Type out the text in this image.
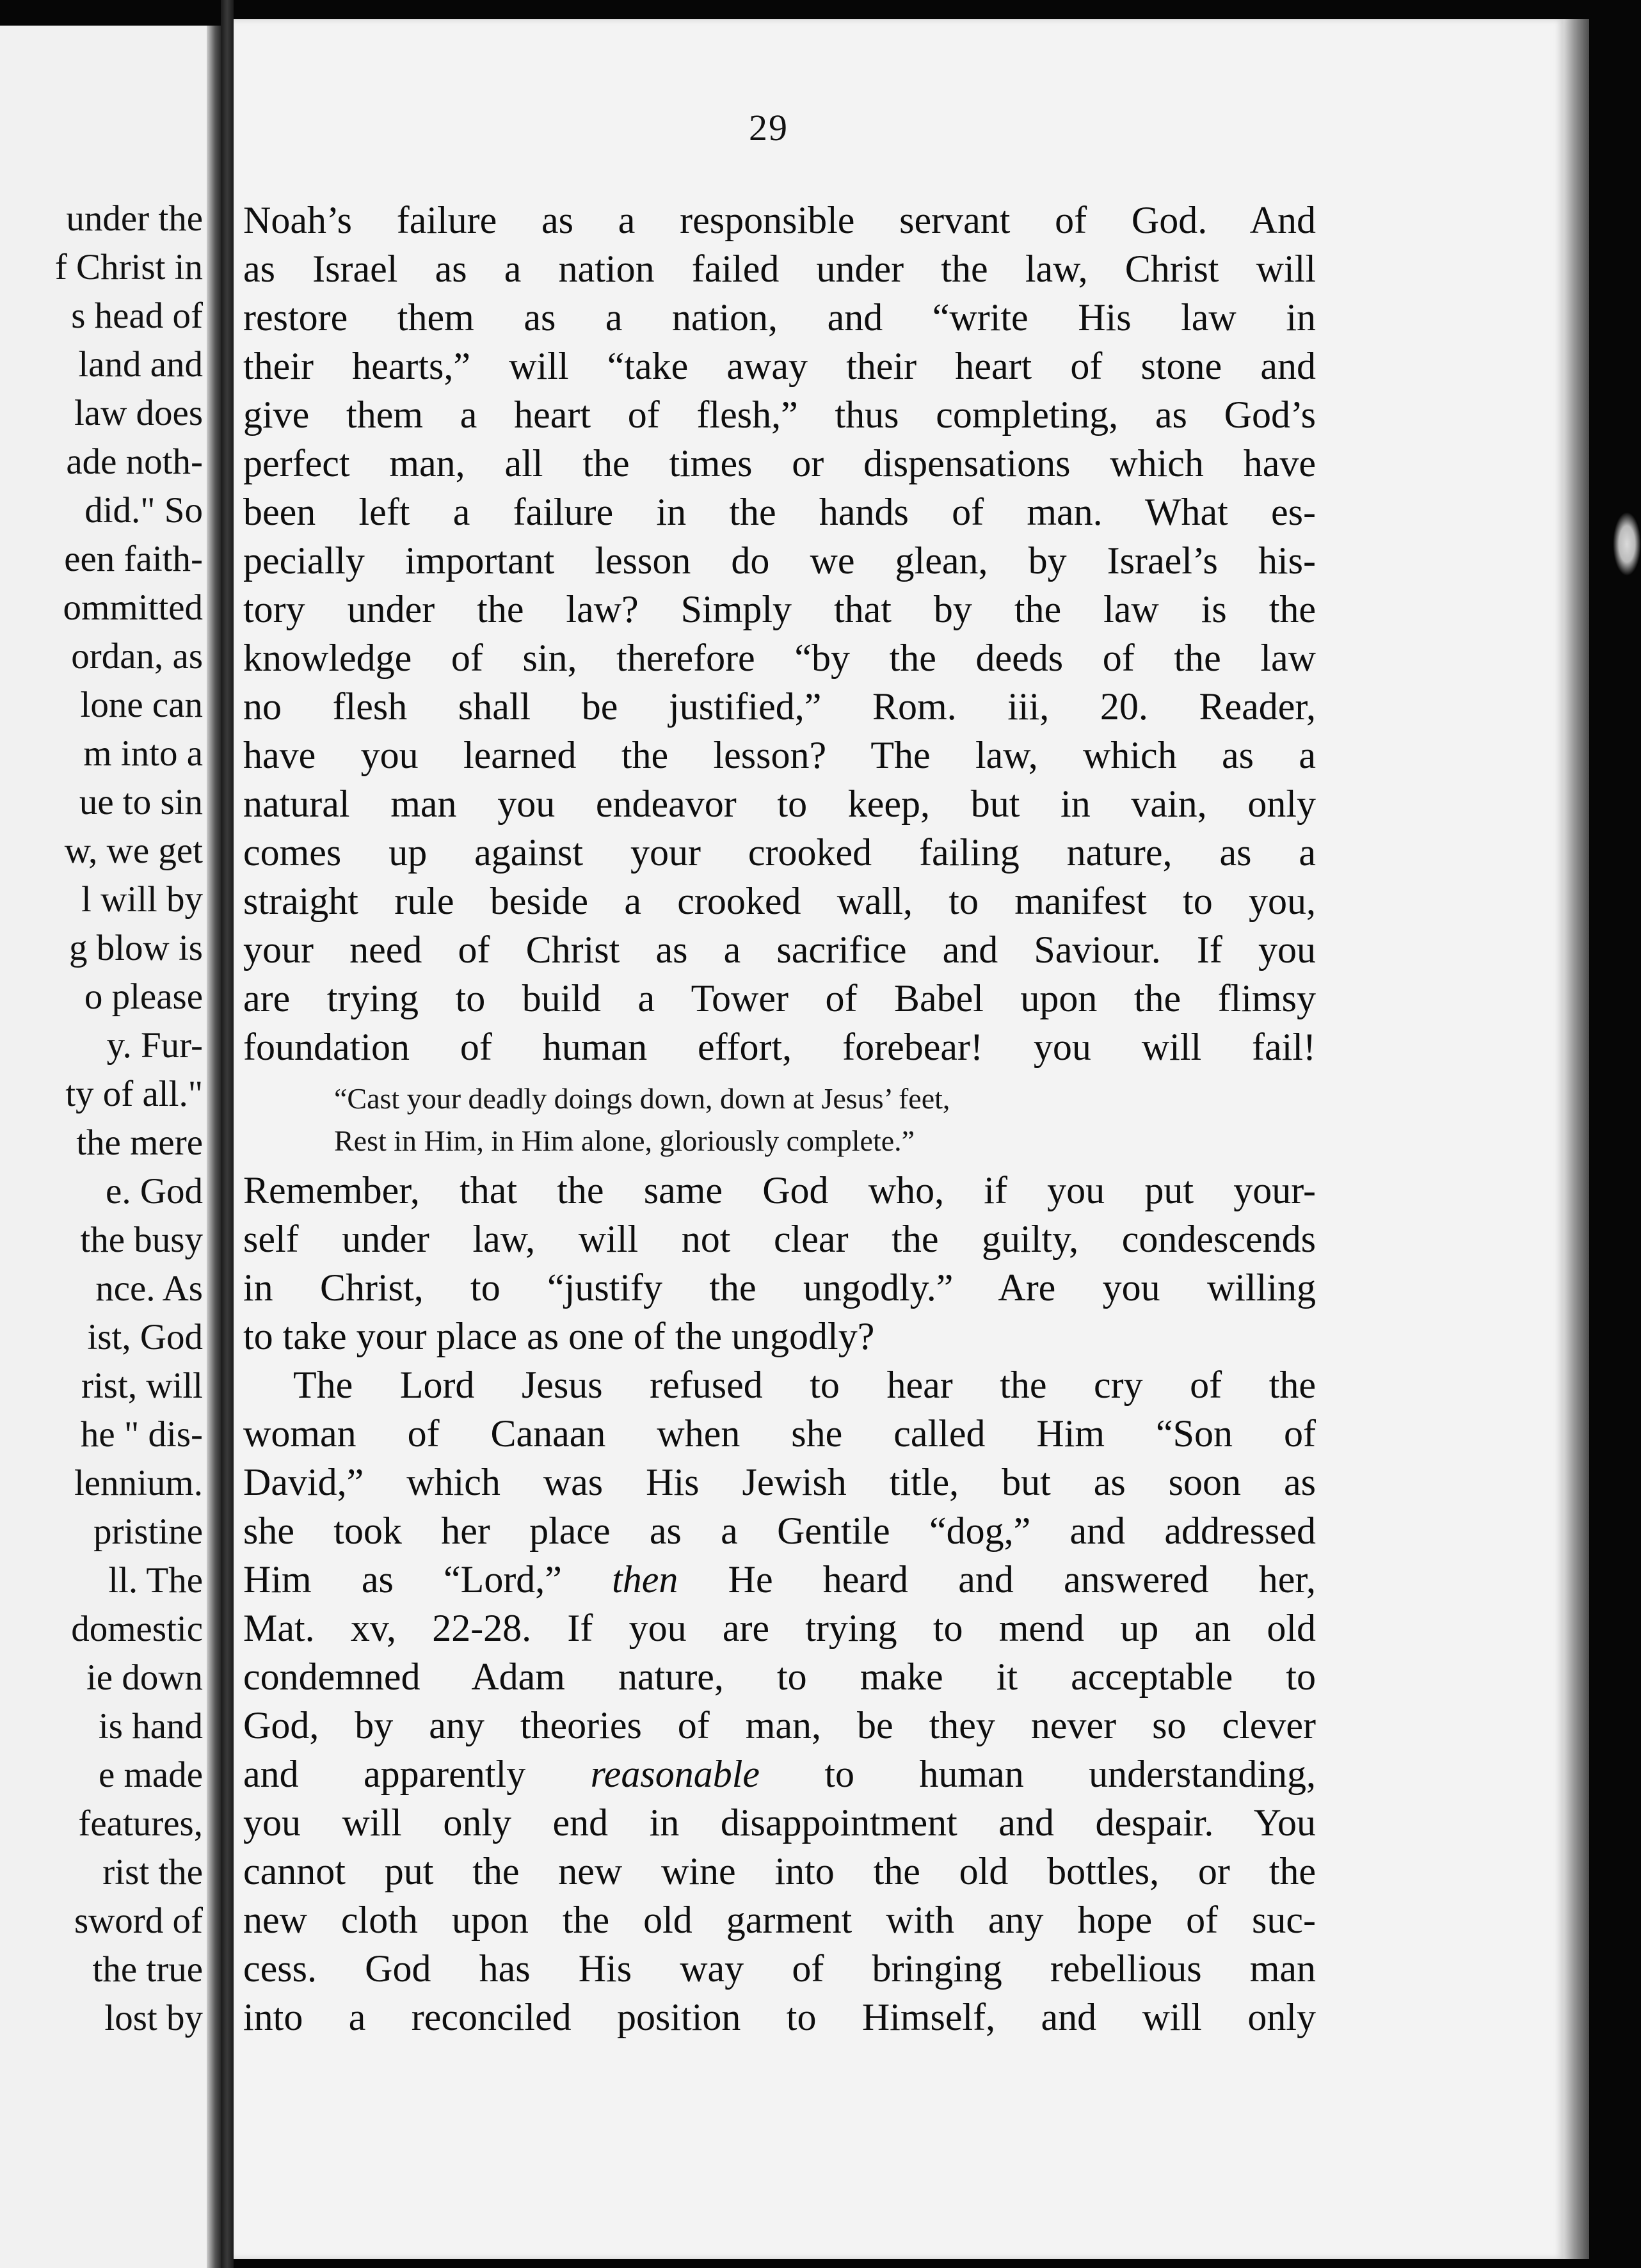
under the
f Christ in
s head of
land and
law does
ade noth-
did." So
een faith-
ommitted
ordan, as
lone can
m into a
ue to sin
w, we get
l will by
g blow is
o please
y. Fur-
ty of all."
the mere
e. God
the busy
nce. As
ist, God
rist, will
he " dis-
lennium.
pristine
ll. The
domestic
ie down
is hand
e made
features,
rist the
sword of
the true
lost by
29
Noah’s failure as a responsible servant of God. And
as Israel as a nation failed under the law, Christ will
restore them as a nation, and “write His law in
their hearts,” will “take away their heart of stone and
give them a heart of flesh,” thus completing, as God’s
perfect man, all the times or dispensations which have
been left a failure in the hands of man. What es-
pecially important lesson do we glean, by Israel’s his-
tory under the law? Simply that by the law is the
knowledge of sin, therefore “by the deeds of the law
no flesh shall be justified,” Rom. iii, 20. Reader,
have you learned the lesson? The law, which as a
natural man you endeavor to keep, but in vain, only
comes up against your crooked failing nature, as a
straight rule beside a crooked wall, to manifest to you,
your need of Christ as a sacrifice and Saviour. If you
are trying to build a Tower of Babel upon the flimsy
foundation of human effort, forebear! you will fail!
“Cast your deadly doings down, down at Jesus’ feet,
Rest in Him, in Him alone, gloriously complete.”
Remember, that the same God who, if you put your-
self under law, will not clear the guilty, condescends
in Christ, to “justify the ungodly.” Are you willing
to take your place as one of the ungodly?
The Lord Jesus refused to hear the cry of the
woman of Canaan when she called Him “Son of
David,” which was His Jewish title, but as soon as
she took her place as a Gentile “dog,” and addressed
Him as “Lord,” then He heard and answered her,
Mat. xv, 22-28. If you are trying to mend up an old
condemned Adam nature, to make it acceptable to
God, by any theories of man, be they never so clever
and apparently reasonable to human understanding,
you will only end in disappointment and despair. You
cannot put the new wine into the old bottles, or the
new cloth upon the old garment with any hope of suc-
cess. God has His way of bringing rebellious man
into a reconciled position to Himself, and will only
